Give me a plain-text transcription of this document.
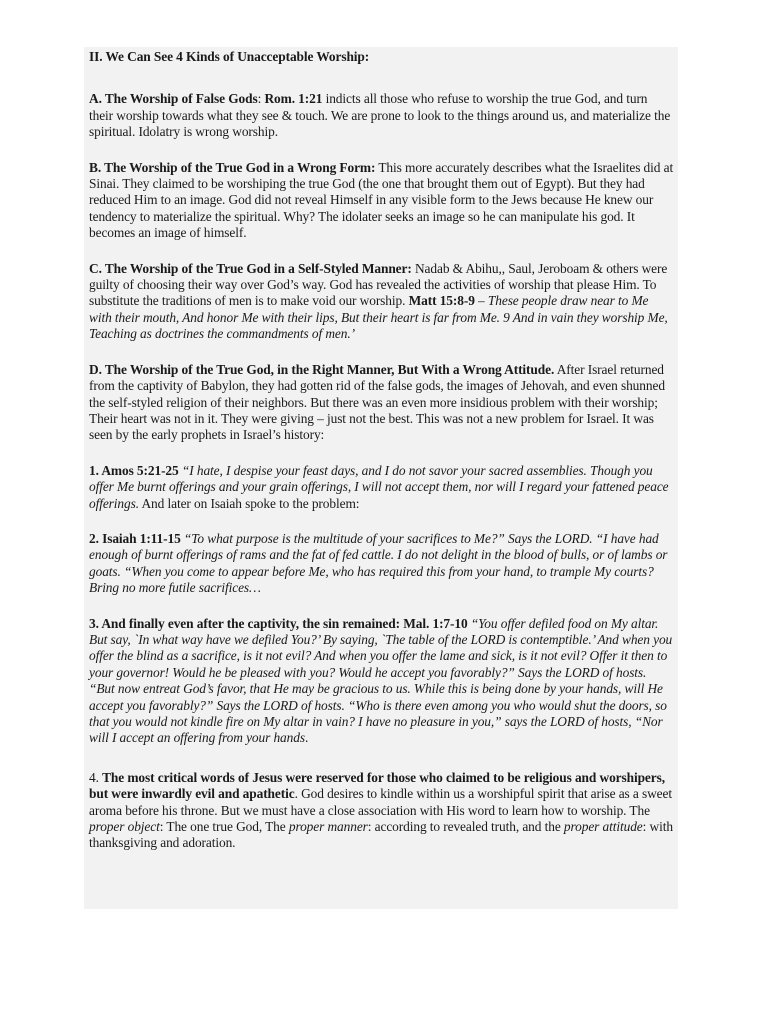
II. We Can See 4 Kinds of Unacceptable Worship:

A. The Worship of False Gods: Rom. 1:21 indicts all those who refuse to worship the true God, and turn their worship towards what they see & touch. We are prone to look to the things around us, and materialize the spiritual. Idolatry is wrong worship.

B. The Worship of the True God in a Wrong Form: This more accurately describes what the Israelites did at Sinai. They claimed to be worshiping the true God (the one that brought them out of Egypt). But they had reduced Him to an image. God did not reveal Himself in any visible form to the Jews because He knew our tendency to materialize the spiritual. Why? The idolater seeks an image so he can manipulate his god. It becomes an image of himself.

C. The Worship of the True God in a Self-Styled Manner: Nadab & Abihu,, Saul, Jeroboam & others were guilty of choosing their way over God’s way. God has revealed the activities of worship that please Him. To substitute the traditions of men is to make void our worship. Matt 15:8-9 – These people draw near to Me with their mouth, And honor Me with their lips, But their heart is far from Me. 9 And in vain they worship Me, Teaching as doctrines the commandments of men.’

D. The Worship of the True God, in the Right Manner, But With a Wrong Attitude. After Israel returned from the captivity of Babylon, they had gotten rid of the false gods, the images of Jehovah, and even shunned the self-styled religion of their neighbors. But there was an even more insidious problem with their worship; Their heart was not in it. They were giving – just not the best. This was not a new problem for Israel. It was seen by the early prophets in Israel’s history:

1. Amos 5:21-25 “I hate, I despise your feast days, and I do not savor your sacred assemblies. Though you offer Me burnt offerings and your grain offerings, I will not accept them, nor will I regard your fattened peace offerings. And later on Isaiah spoke to the problem:

2. Isaiah 1:11-15 “To what purpose is the multitude of your sacrifices to Me?” Says the LORD. “I have had enough of burnt offerings of rams and the fat of fed cattle. I do not delight in the blood of bulls, or of lambs or goats. “When you come to appear before Me, who has required this from your hand, to trample My courts? Bring no more futile sacrifices…

3. And finally even after the captivity, the sin remained: Mal. 1:7-10 “You offer defiled food on My altar. But say, `In what way have we defiled You?’ By saying, `The table of the LORD is contemptible.’ And when you offer the blind as a sacrifice, is it not evil? And when you offer the lame and sick, is it not evil? Offer it then to your governor! Would he be pleased with you? Would he accept you favorably?” Says the LORD of hosts. “But now entreat God’s favor, that He may be gracious to us. While this is being done by your hands, will He accept you favorably?” Says the LORD of hosts. “Who is there even among you who would shut the doors, so that you would not kindle fire on My altar in vain? I have no pleasure in you,” says the LORD of hosts, “Nor will I accept an offering from your hands.

4. The most critical words of Jesus were reserved for those who claimed to be religious and worshipers, but were inwardly evil and apathetic. God desires to kindle within us a worshipful spirit that arise as a sweet aroma before his throne. But we must have a close association with His word to learn how to worship. The proper object: The one true God, The proper manner: according to revealed truth, and the proper attitude: with thanksgiving and adoration.
